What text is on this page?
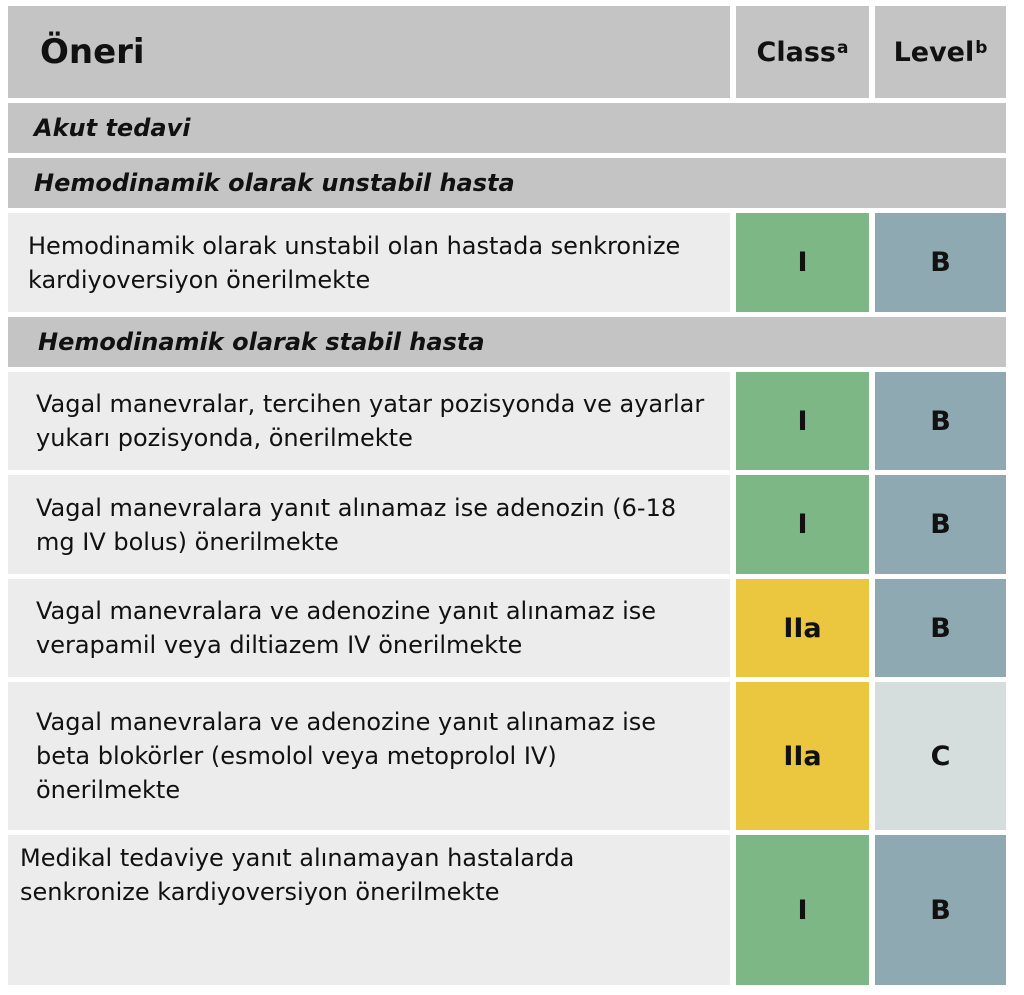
Öneri	Class$^a$ Level$^b$
Akut tedavi
Hemodinamik olarak unstabil hasta
Hemodinamik olarak unstabil olan hastada senkronize kardiyoversiyon önerilmekte
I	B
Hemodinamik olarak stabil hasta
Vagal manevralar, tercihen yatar pozisyonda ve ayarlar yukarı pozisyonda, önerilmekte
I	B
Vagal manevralara yanıt alınamaz ise adenozin (6-18 mg IV bolus) önerilmekte
I	B
Vagal manevralara ve adenozine yanıt alınamaz ise verapamil veya diltiazem IV önerilmekte
IIa	B
Vagal manevralara ve adenozine yanıt alınamaz ise beta blokörler (esmolol veya metoprolol IV) önerilmekte
IIa	C
Medikal tedaviye yanıt alınamayan hastalarda senkronize kardiyoversiyon önerilmekte
I	B
